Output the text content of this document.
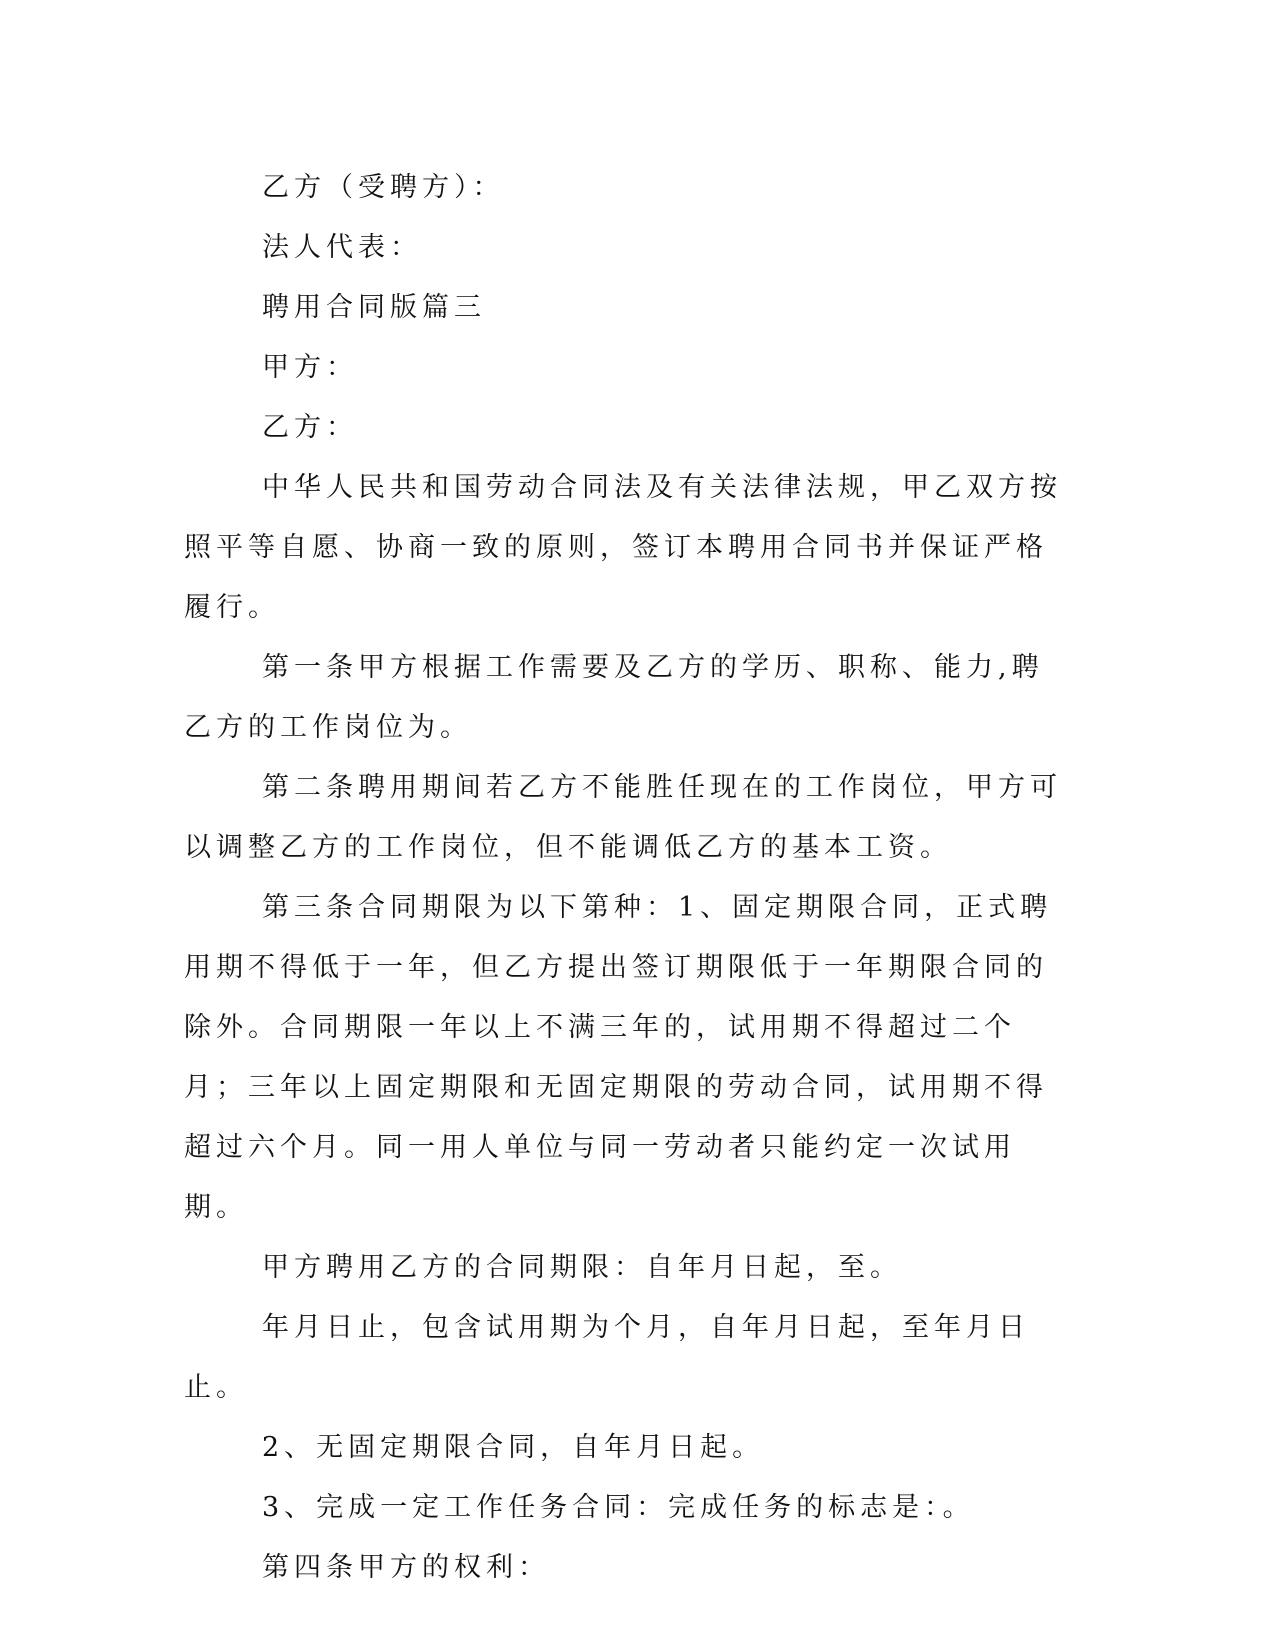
乙方（受聘方）：

法人代表：

聘用合同版篇三

甲方：

乙方：

中华人民共和国劳动合同法及有关法律法规，甲乙双方按照平等自愿、协商一致的原则，签订本聘用合同书并保证严格履行。

第一条甲方根据工作需要及乙方的学历、职称、能力,聘乙方的工作岗位为。

第二条聘用期间若乙方不能胜任现在的工作岗位，甲方可以调整乙方的工作岗位，但不能调低乙方的基本工资。

第三条合同期限为以下第种：1、固定期限合同，正式聘用期不得低于一年，但乙方提出签订期限低于一年期限合同的除外。合同期限一年以上不满三年的，试用期不得超过二个月；三年以上固定期限和无固定期限的劳动合同，试用期不得超过六个月。同一用人单位与同一劳动者只能约定一次试用期。

甲方聘用乙方的合同期限：自年月日起，至。

年月日止，包含试用期为个月，自年月日起，至年月日止。

2、无固定期限合同，自年月日起。

3、完成一定工作任务合同：完成任务的标志是：。

第四条甲方的权利：
